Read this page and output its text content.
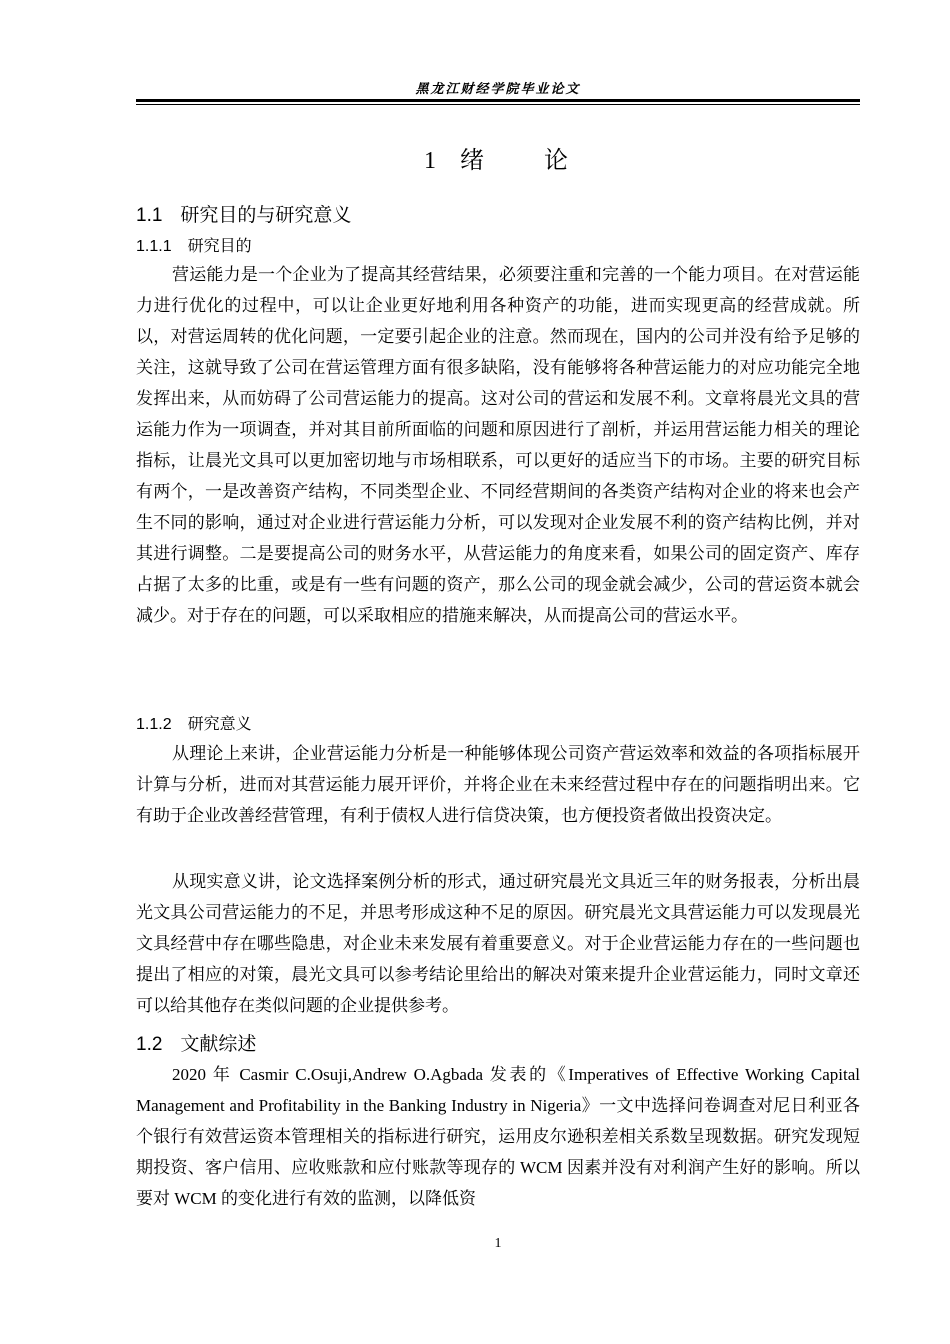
黑龙江财经学院毕业论文
1 绪　　论
1.1 研究目的与研究意义
1.1.1 研究目的

营运能力是一个企业为了提高其经营结果，必须要注重和完善的一个能力项目。在对营运能力进行优化的过程中，可以让企业更好地利用各种资产的功能，进而实现更高的经营成就。所以，对营运周转的优化问题，一定要引起企业的注意。然而现在，国内的公司并没有给予足够的关注，这就导致了公司在营运管理方面有很多缺陷，没有能够将各种营运能力的对应功能完全地发挥出来，从而妨碍了公司营运能力的提高。这对公司的营运和发展不利。文章将晨光文具的营运能力作为一项调查，并对其目前所面临的问题和原因进行了剖析，并运用营运能力相关的理论指标，让晨光文具可以更加密切地与市场相联系，可以更好的适应当下的市场。主要的研究目标有两个，一是改善资产结构，不同类型企业、不同经营期间的各类资产结构对企业的将来也会产生不同的影响，通过对企业进行营运能力分析，可以发现对企业发展不利的资产结构比例，并对其进行调整。二是要提高公司的财务水平，从营运能力的角度来看，如果公司的固定资产、库存占据了太多的比重，或是有一些有问题的资产，那么公司的现金就会减少，公司的营运资本就会减少。对于存在的问题，可以采取相应的措施来解决，从而提高公司的营运水平。

1.1.2 研究意义

从理论上来讲，企业营运能力分析是一种能够体现公司资产营运效率和效益的各项指标展开计算与分析，进而对其营运能力展开评价，并将企业在未来经营过程中存在的问题指明出来。它有助于企业改善经营管理，有利于债权人进行信贷决策，也方便投资者做出投资决定。

从现实意义讲，论文选择案例分析的形式，通过研究晨光文具近三年的财务报表，分析出晨光文具公司营运能力的不足，并思考形成这种不足的原因。研究晨光文具营运能力可以发现晨光文具经营中存在哪些隐患，对企业未来发展有着重要意义。对于企业营运能力存在的一些问题也提出了相应的对策，晨光文具可以参考结论里给出的解决对策来提升企业营运能力，同时文章还可以给其他存在类似问题的企业提供参考。

1.2 文献综述

2020 年 Casmir C.Osuji,Andrew O.Agbada 发表的《Imperatives of Effective Working Capital Management and Profitability in the Banking Industry in Nigeria》一文中选择问卷调查对尼日利亚各个银行有效营运资本管理相关的指标进行研究，运用皮尔逊积差相关系数呈现数据。研究发现短期投资、客户信用、应收账款和应付账款等现存的 WCM 因素并没有对利润产生好的影响。所以要对 WCM 的变化进行有效的监测，以降低资

1
